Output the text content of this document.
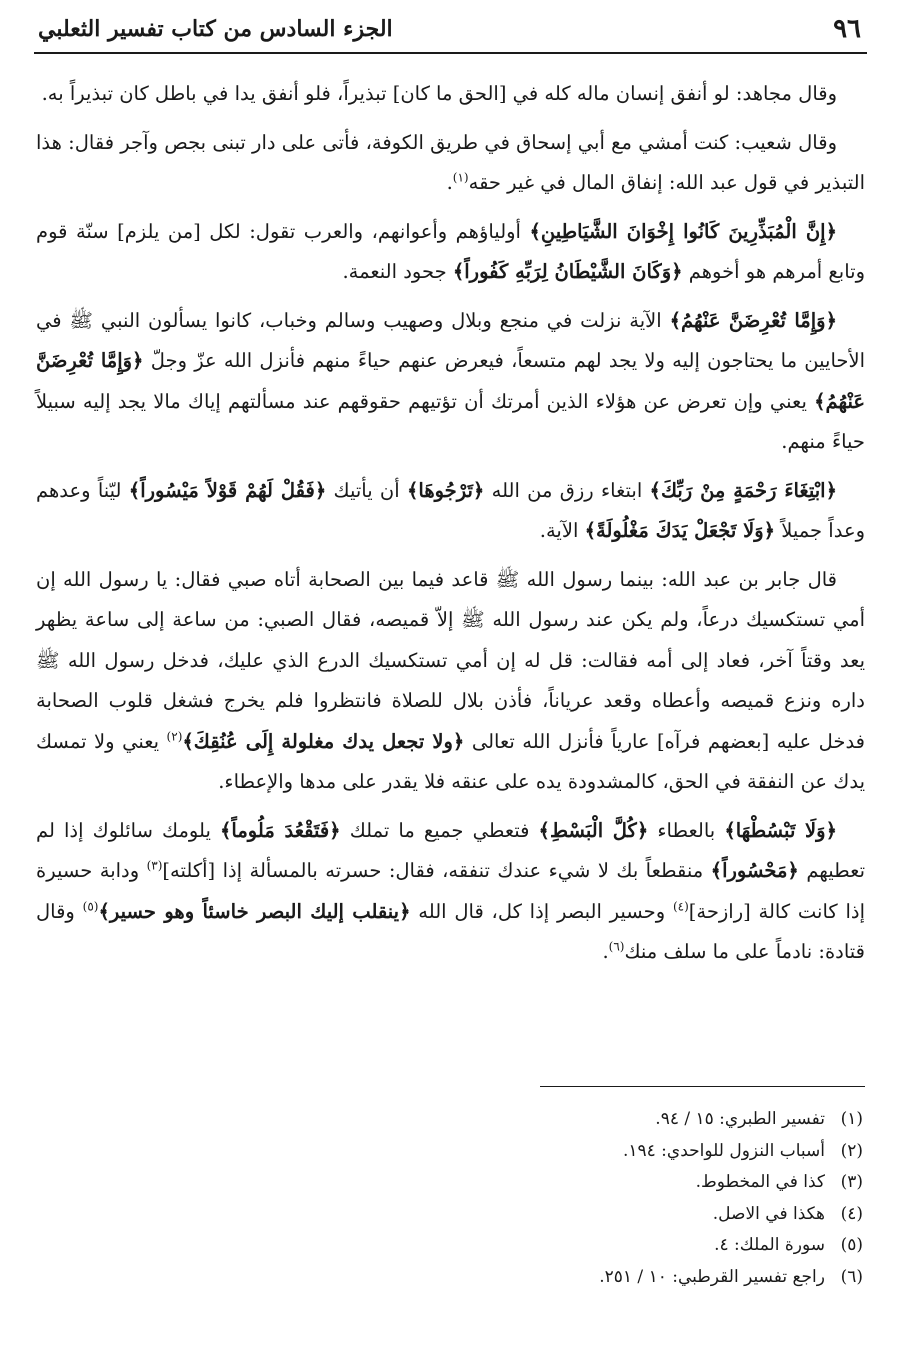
٩٦
الجزء السادس من كتاب تفسير الثعلبي

وقال مجاهد: لو أنفق إنسان ماله كله في [الحق ما كان] تبذيراً، فلو أنفق يدا في باطل كان تبذيراً به.

وقال شعيب: كنت أمشي مع أبي إسحاق في طريق الكوفة، فأتى على دار تبنى بجص وآجر فقال: هذا التبذير في قول عبد الله: إنفاق المال في غير حقه$^{(١)}$.

﴿إِنَّ الْمُبَذِّرِينَ كَانُوا إِخْوَانَ الشَّيَاطِينِ﴾ أولياؤهم وأعوانهم، والعرب تقول: لكل [من يلزم] سنّة قوم وتابع أمرهم هو أخوهم ﴿وَكَانَ الشَّيْطَانُ لِرَبِّهِ كَفُوراً﴾ جحود النعمة.

﴿وَإِمَّا تُعْرِضَنَّ عَنْهُمُ﴾ الآية نزلت في منجع وبلال وصهيب وسالم وخباب، كانوا يسألون النبي ﷺ في الأحايين ما يحتاجون إليه ولا يجد لهم متسعاً، فيعرض عنهم حياءً منهم فأنزل الله عزّ وجلّ ﴿وَإِمَّا تُعْرِضَنَّ عَنْهُمُ﴾ يعني وإن تعرض عن هؤلاء الذين أمرتك أن تؤتيهم حقوقهم عند مسألتهم إياك مالا يجد إليه سبيلاً حياءً منهم.

﴿ابْتِغَاءَ رَحْمَةٍ مِنْ رَبِّكَ﴾ ابتغاء رزق من الله ﴿تَرْجُوهَا﴾ أن يأتيك ﴿فَقُلْ لَهُمْ قَوْلاً مَيْسُوراً﴾ ليّناً وعدهم وعداً جميلاً ﴿وَلَا تَجْعَلْ يَدَكَ مَغْلُولَةً﴾ الآية.

قال جابر بن عبد الله: بينما رسول الله ﷺ قاعد فيما بين الصحابة أتاه صبي فقال: يا رسول الله إن أمي تستكسيك درعاً، ولم يكن عند رسول الله ﷺ إلاّ قميصه، فقال الصبي: من ساعة إلى ساعة يظهر يعد وقتاً آخر، فعاد إلى أمه فقالت: قل له إن أمي تستكسيك الدرع الذي عليك، فدخل رسول الله ﷺ داره ونزع قميصه وأعطاه وقعد عرياناً، فأذن بلال للصلاة فانتظروا فلم يخرج فشغل قلوب الصحابة فدخل عليه [بعضهم فرآه] عارياً فأنزل الله تعالى ﴿ولا تجعل يدك مغلولة إِلَى عُنُقِكَ﴾$^{(٢)}$ يعني ولا تمسك يدك عن النفقة في الحق، كالمشدودة يده على عنقه فلا يقدر على مدها والإعطاء.

﴿وَلَا تَبْسُطْهَا﴾ بالعطاء ﴿كُلَّ الْبَسْطِ﴾ فتعطي جميع ما تملك ﴿فَتَقْعُدَ مَلُوماً﴾ يلومك سائلوك إذا لم تعطيهم ﴿مَحْسُوراً﴾ منقطعاً بك لا شيء عندك تنفقه، فقال: حسرته بالمسألة إذا [أكلته]$^{(٣)}$ ودابة حسيرة إذا كانت كالة [رازحة]$^{(٤)}$ وحسير البصر إذا كل، قال الله ﴿ينقلب إليك البصر خاسئاً وهو حسير﴾$^{(٥)}$ وقال قتادة: نادماً على ما سلف منك$^{(٦)}$.

(١)
تفسير الطبري: ١٥ / ٩٤.
(٢)
أسباب النزول للواحدي: ١٩٤.
(٣)
كذا في المخطوط.
(٤)
هكذا في الاصل.
(٥)
سورة الملك: ٤.
(٦)
راجع تفسير القرطبي: ١٠ / ٢٥١.
